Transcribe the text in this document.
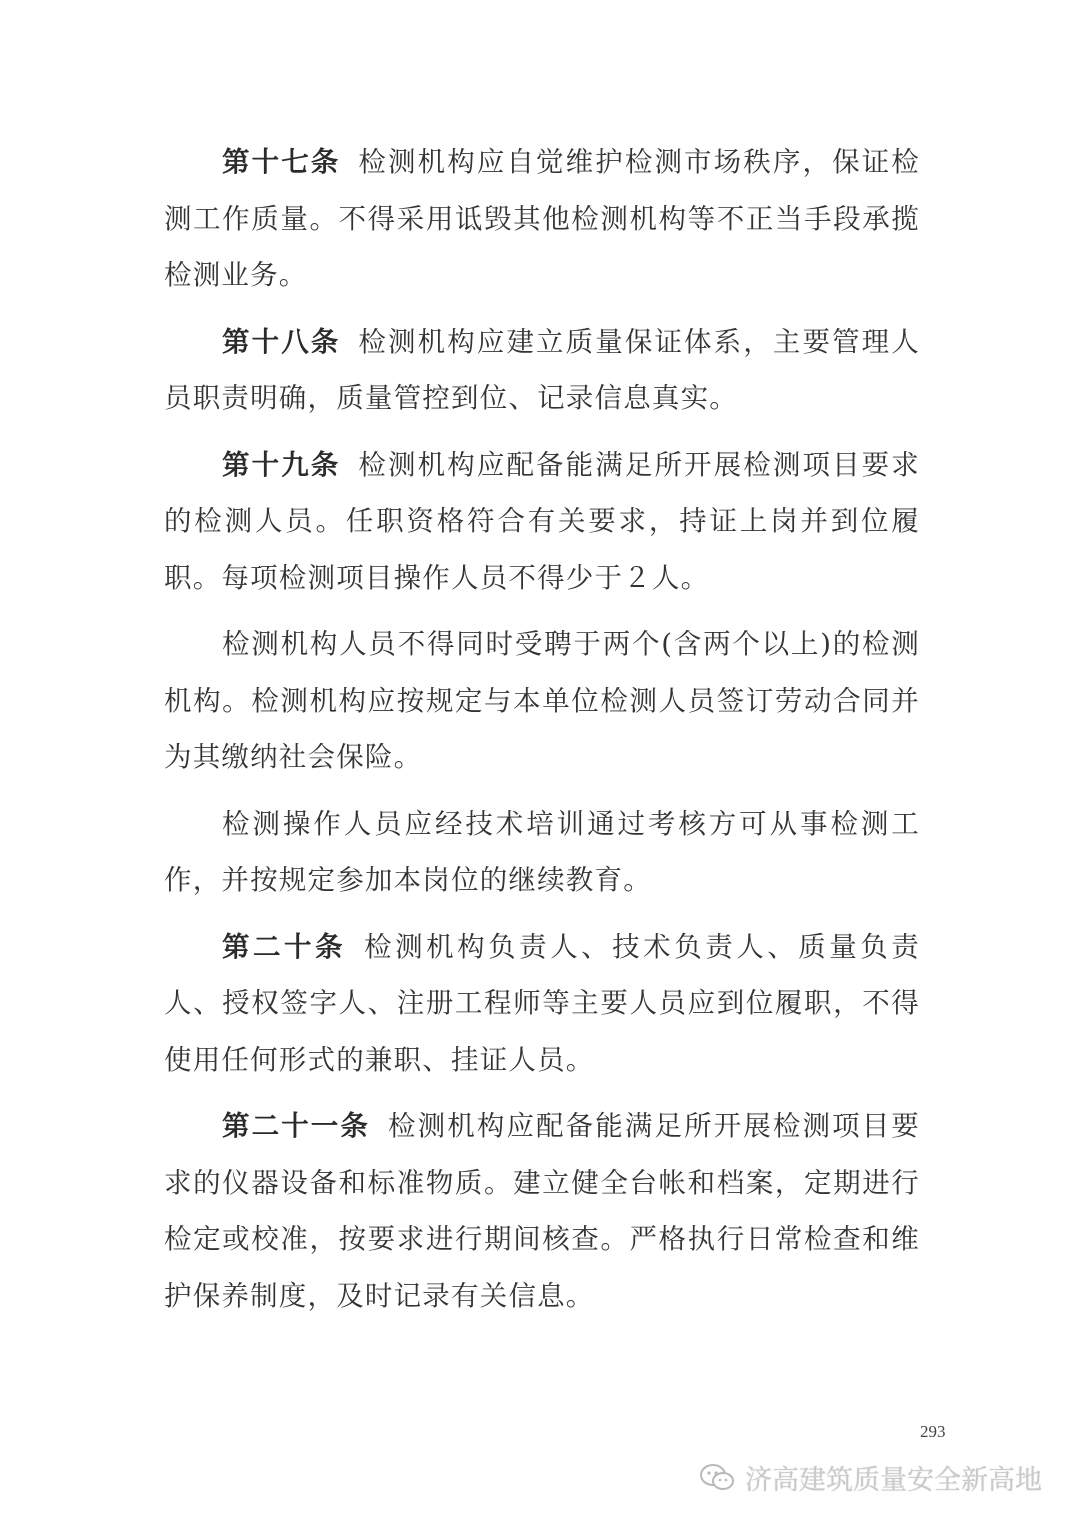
第十七条 检测机构应自觉维护检测市场秩序，保证检测工作质量。不得采用诋毁其他检测机构等不正当手段承揽检测业务。

第十八条 检测机构应建立质量保证体系，主要管理人员职责明确，质量管控到位、记录信息真实。

第十九条 检测机构应配备能满足所开展检测项目要求的检测人员。任职资格符合有关要求，持证上岗并到位履职。每项检测项目操作人员不得少于２人。

检测机构人员不得同时受聘于两个(含两个以上)的检测机构。检测机构应按规定与本单位检测人员签订劳动合同并为其缴纳社会保险。

检测操作人员应经技术培训通过考核方可从事检测工作，并按规定参加本岗位的继续教育。

第二十条 检测机构负责人、技术负责人、质量负责人、授权签字人、注册工程师等主要人员应到位履职，不得使用任何形式的兼职、挂证人员。

第二十一条 检测机构应配备能满足所开展检测项目要求的仪器设备和标准物质。建立健全台帐和档案，定期进行检定或校准，按要求进行期间核查。严格执行日常检查和维护保养制度，及时记录有关信息。

293
济高建筑质量安全新高地
